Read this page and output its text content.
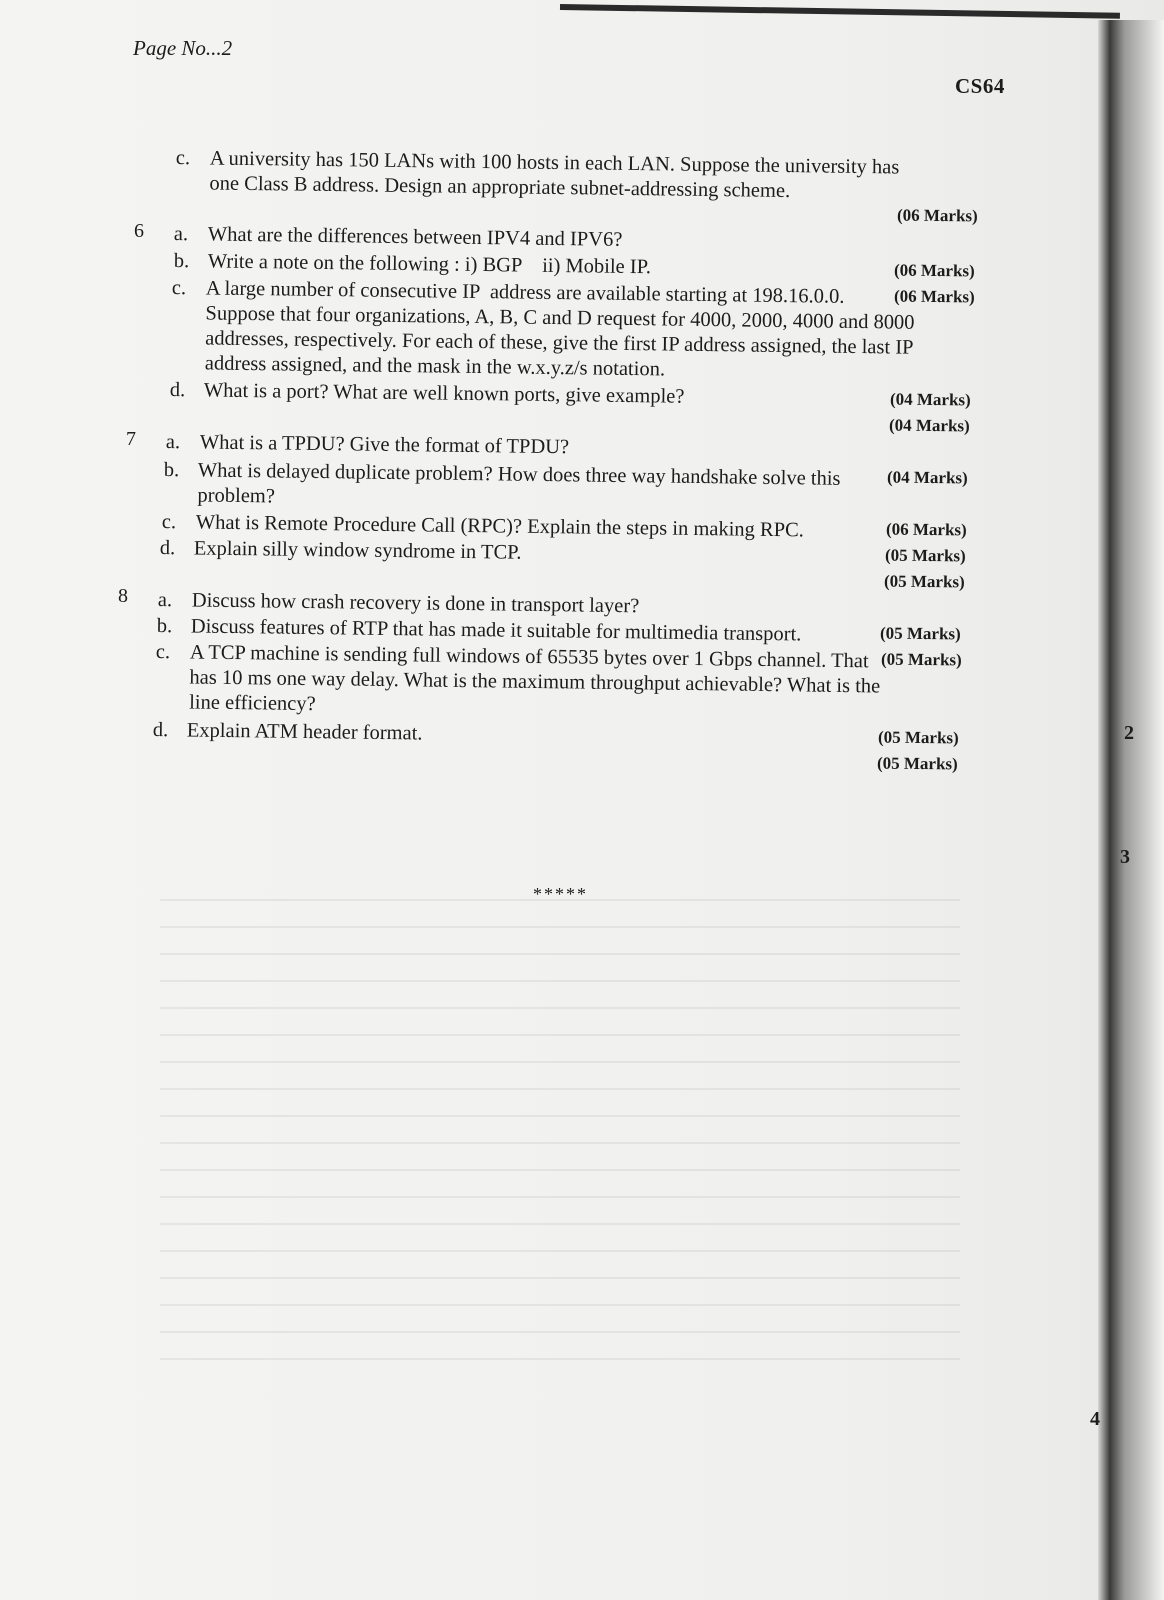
Page No...2
CS64
c. A university has 150 LANs with 100 hosts in each LAN. Suppose the university has
one Class B address. Design an appropriate subnet-addressing scheme.
(06 Marks)
6 a. What are the differences between IPV4 and IPV6?
(06 Marks)
b. Write a note on the following : i) BGP    ii) Mobile IP.
(06 Marks)
c. A large number of consecutive IP  address are available starting at 198.16.0.0.
Suppose that four organizations, A, B, C and D request for 4000, 2000, 4000 and 8000
addresses, respectively. For each of these, give the first IP address assigned, the last IP
address assigned, and the mask in the w.x.y.z/s notation.
(04 Marks)
d. What is a port? What are well known ports, give example?
(04 Marks)
7 a. What is a TPDU? Give the format of TPDU?
(04 Marks)
b. What is delayed duplicate problem? How does three way handshake solve this
problem?
(06 Marks)
c. What is Remote Procedure Call (RPC)? Explain the steps in making RPC.
(05 Marks)
d. Explain silly window syndrome in TCP.
(05 Marks)
8 a. Discuss how crash recovery is done in transport layer?
(05 Marks)
b. Discuss features of RTP that has made it suitable for multimedia transport.
(05 Marks)
c. A TCP machine is sending full windows of 65535 bytes over 1 Gbps channel. That
has 10 ms one way delay. What is the maximum throughput achievable? What is the
line efficiency?
(05 Marks)
d. Explain ATM header format.
(05 Marks)
*****
2
3
4
